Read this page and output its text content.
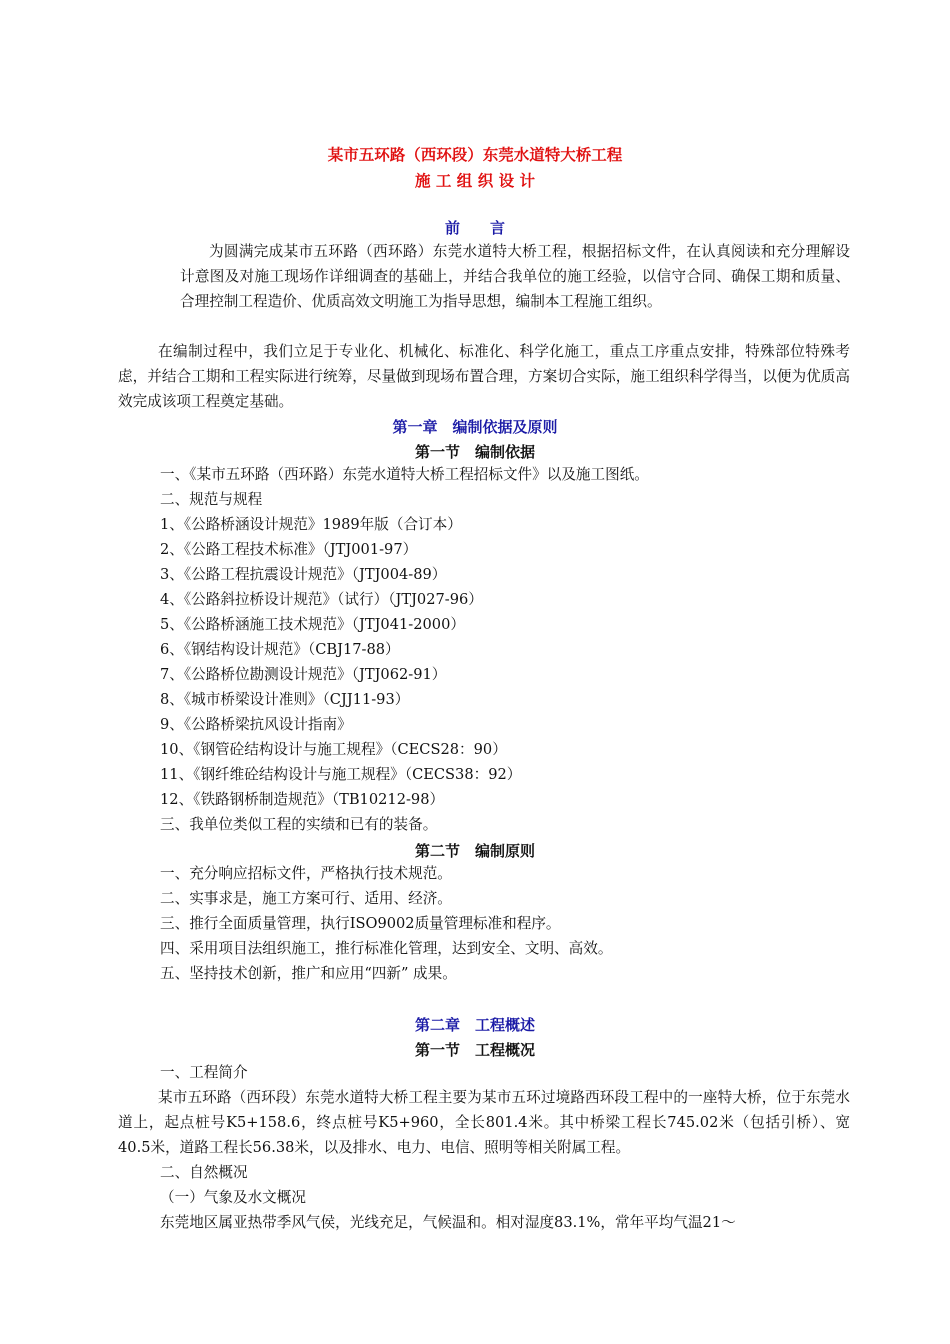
某市五环路（西环段）东莞水道特大桥工程
施 工 组 织 设 计
前　　言

为圆满完成某市五环路（西环路）东莞水道特大桥工程，根据招标文件，在认真阅读和充分理解设计意图及对施工现场作详细调查的基础上，并结合我单位的施工经验，以信守合同、确保工期和质量、合理控制工程造价、优质高效文明施工为指导思想，编制本工程施工组织。

在编制过程中，我们立足于专业化、机械化、标准化、科学化施工，重点工序重点安排，特殊部位特殊考虑，并结合工期和工程实际进行统筹，尽量做到现场布置合理，方案切合实际，施工组织科学得当，以便为优质高效完成该项工程奠定基础。

第一章　编制依据及原则
第一节　编制依据
一、《某市五环路（西环路）东莞水道特大桥工程招标文件》以及施工图纸。
二、规范与规程
1、《公路桥涵设计规范》1989年版（合订本）
2、《公路工程技术标准》（JTJ001-97）
3、《公路工程抗震设计规范》（JTJ004-89）
4、《公路斜拉桥设计规范》（试行）（JTJ027-96）
5、《公路桥涵施工技术规范》（JTJ041-2000）
6、《钢结构设计规范》（CBJ17-88）
7、《公路桥位勘测设计规范》（JTJ062-91）
8、《城市桥梁设计准则》（CJJ11-93）
9、《公路桥梁抗风设计指南》
10、《钢管砼结构设计与施工规程》（CECS28：90）
11、《钢纤维砼结构设计与施工规程》（CECS38：92）
12、《铁路钢桥制造规范》（TB10212-98）
三、我单位类似工程的实绩和已有的装备。
第二节　编制原则
一、充分响应招标文件，严格执行技术规范。
二、实事求是，施工方案可行、适用、经济。
三、推行全面质量管理，执行ISO9002质量管理标准和程序。
四、采用项目法组织施工，推行标准化管理，达到安全、文明、高效。
五、坚持技术创新，推广和应用“四新” 成果。
第二章　工程概述
第一节　工程概况
一、工程简介

某市五环路（西环段）东莞水道特大桥工程主要为某市五环过境路西环段工程中的一座特大桥，位于东莞水道上，起点桩号K5+158.6，终点桩号K5+960，全长801.4米。其中桥梁工程长745.02米（包括引桥）、宽40.5米，道路工程长56.38米，以及排水、电力、电信、照明等相关附属工程。

二、自然概况
（一）气象及水文概况
东莞地区属亚热带季风气侯，光线充足，气候温和。相对湿度83.1%，常年平均气温21～
